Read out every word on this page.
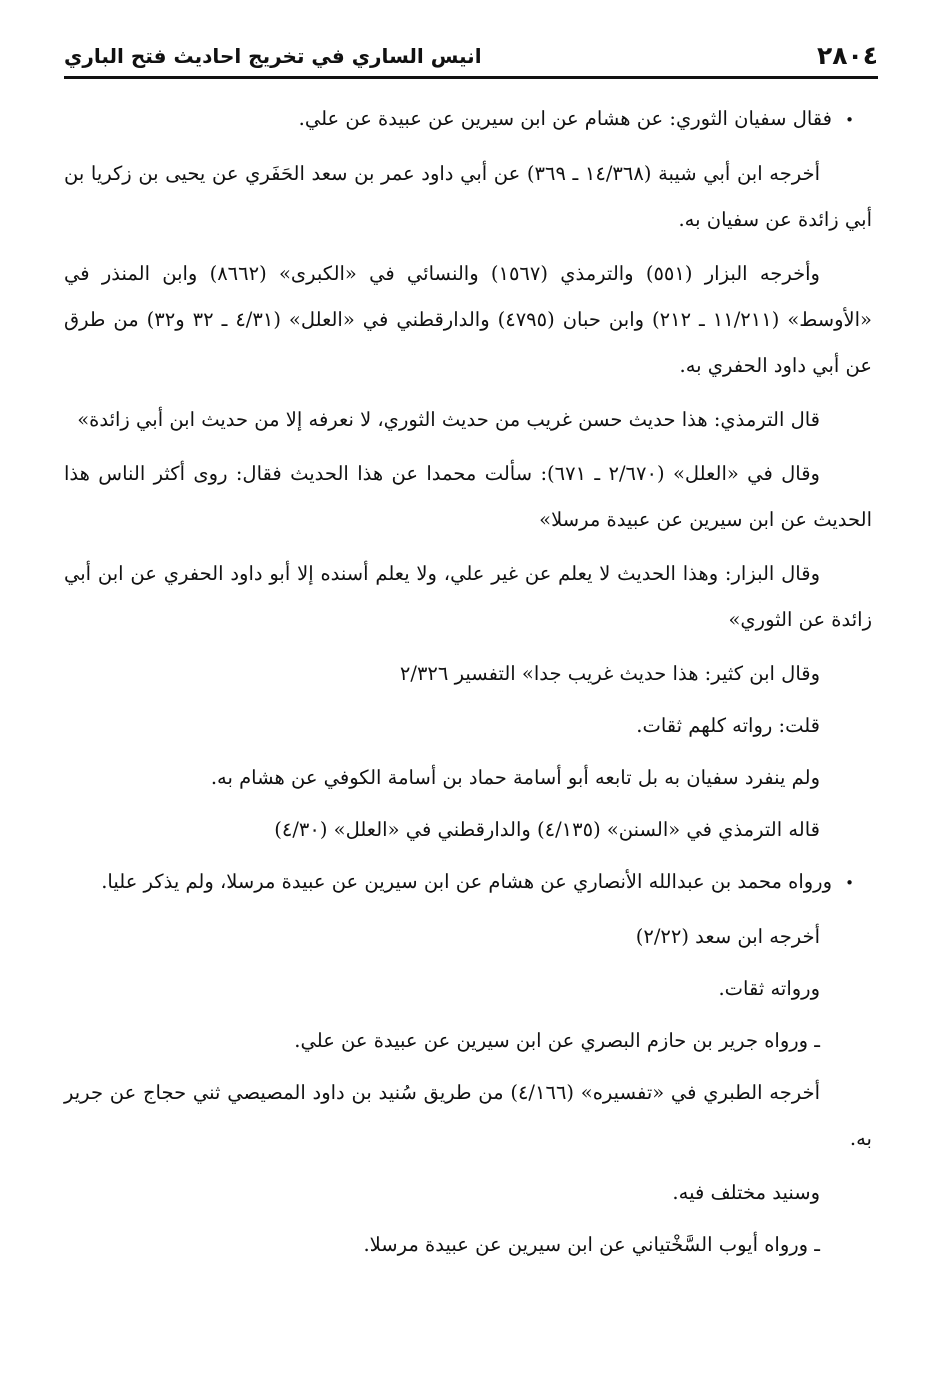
٢٨٠٤
انيس الساري في تخريج احاديث فتح الباري

•فقال سفيان الثوري: عن هشام عن ابن سيرين عن عبيدة عن علي.

أخرجه ابن أبي شيبة (١٤/٣٦٨ ـ ٣٦٩) عن أبي داود عمر بن سعد الحَفَري عن يحيى بن زكريا بن أبي زائدة عن سفيان به.

وأخرجه البزار (٥٥١) والترمذي (١٥٦٧) والنسائي في «الكبرى» (٨٦٦٢) وابن المنذر في «الأوسط» (١١/٢١١ ـ ٢١٢) وابن حبان (٤٧٩٥) والدارقطني في «العلل» (٤/٣١ ـ ٣٢ و٣٢) من طرق عن أبي داود الحفري به.

قال الترمذي: هذا حديث حسن غريب من حديث الثوري، لا نعرفه إلا من حديث ابن أبي زائدة»

وقال في «العلل» (٢/٦٧٠ ـ ٦٧١): سألت محمدا عن هذا الحديث فقال: روى أكثر الناس هذا الحديث عن ابن سيرين عن عبيدة مرسلا»

وقال البزار: وهذا الحديث لا يعلم عن غير علي، ولا يعلم أسنده إلا أبو داود الحفري عن ابن أبي زائدة عن الثوري»

وقال ابن كثير: هذا حديث غريب جدا» التفسير ٢/٣٢٦

قلت: رواته كلهم ثقات.

ولم ينفرد سفيان به بل تابعه أبو أسامة حماد بن أسامة الكوفي عن هشام به.

قاله الترمذي في «السنن» (٤/١٣٥) والدارقطني في «العلل» (٤/٣٠)

•ورواه محمد بن عبدالله الأنصاري عن هشام عن ابن سيرين عن عبيدة مرسلا، ولم يذكر عليا.

أخرجه ابن سعد (٢/٢٢)

ورواته ثقات.

ـ ورواه جرير بن حازم البصري عن ابن سيرين عن عبيدة عن علي.

أخرجه الطبري في «تفسيره» (٤/١٦٦) من طريق سُنيد بن داود المصيصي ثني حجاج عن جرير به.

وسنيد مختلف فيه.

ـ ورواه أيوب السَّخْتياني عن ابن سيرين عن عبيدة مرسلا.
